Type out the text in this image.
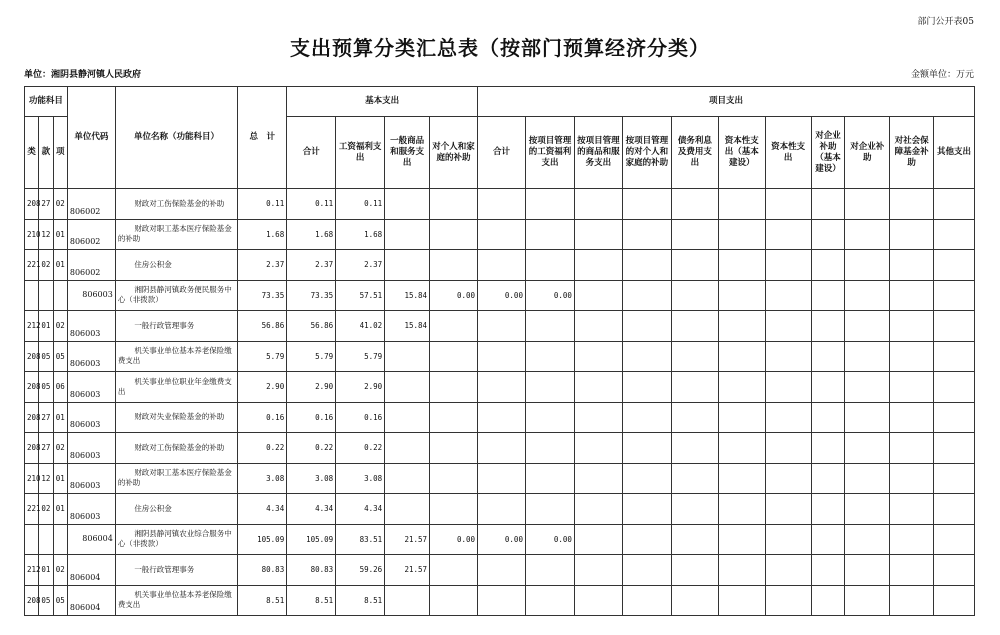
部门公开表05
支出预算分类汇总表（按部门预算经济分类）
单位：湘阴县静河镇人民政府	金额单位：万元
功能科目			单位代码	单位名称（功能科目）	总　计	基本支出				项目支出										
类	款	项				合计	工资福利支出	一般商品和服务支出	对个人和家庭的补助	合计	按项目管理的工资福利支出	按项目管理的商品和服务支出	按项目管理的对个人和家庭的补助	债务利息及费用支出	资本性支出（基本建设）	资本性支出	对企业补助（基本建设）	对企业补助	对社会保障基金补助	其他支出
208	27	02	806002	财政对工伤保险基金的补助	0.11	0.11	0.11													
210	12	01	806002	财政对职工基本医疗保险基金的补助	1.68	1.68	1.68													
221	02	01	806002	住房公积金	2.37	2.37	2.37													
			806003	湘阴县静河镇政务便民服务中心（非拨款）	73.35	73.35	57.51	15.84	0.00	0.00	0.00									
212	01	02	806003	一般行政管理事务	56.86	56.86	41.02	15.84												
208	05	05	806003	机关事业单位基本养老保险缴费支出	5.79	5.79	5.79													
208	05	06	806003	机关事业单位职业年金缴费支出	2.90	2.90	2.90													
208	27	01	806003	财政对失业保险基金的补助	0.16	0.16	0.16													
208	27	02	806003	财政对工伤保险基金的补助	0.22	0.22	0.22													
210	12	01	806003	财政对职工基本医疗保险基金的补助	3.08	3.08	3.08													
221	02	01	806003	住房公积金	4.34	4.34	4.34													
			806004	湘阴县静河镇农业综合服务中心（非拨款）	105.09	105.09	83.51	21.57	0.00	0.00	0.00									
212	01	02	806004	一般行政管理事务	80.83	80.83	59.26	21.57												
208	05	05	806004	机关事业单位基本养老保险缴费支出	8.51	8.51	8.51													
